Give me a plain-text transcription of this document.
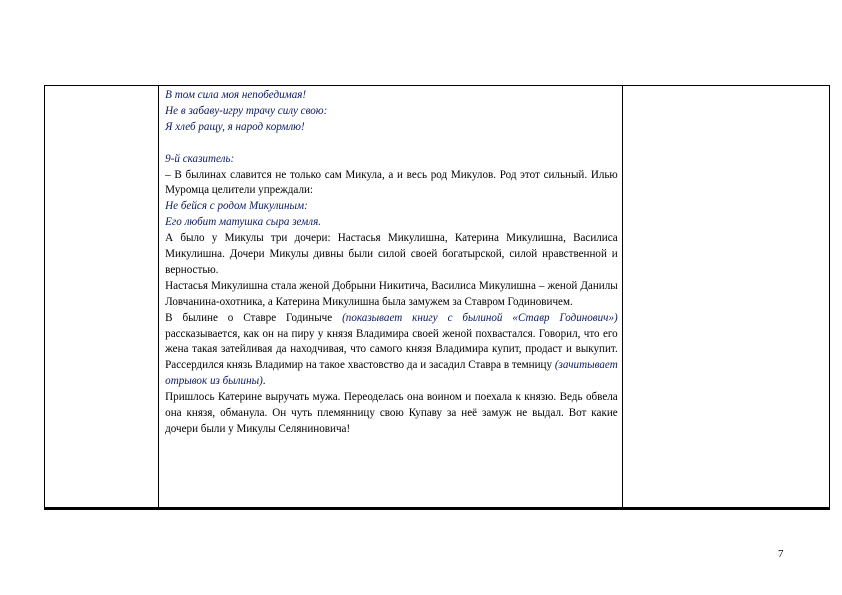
В том сила моя непобедимая!

Не в забаву-игру трачу силу свою:

Я хлеб ращу, я народ кормлю!

9-й сказитель:

– В былинах славится не только сам Микула, а и весь род Микулов. Род этот сильный. Илью Муромца целители упреждали:

Не бейся с родом Микулиным:

Его любит матушка сыра земля.

А было у Микулы три дочери: Настасья Микулишна, Катерина Микулишна, Василиса Микулишна. Дочери Микулы дивны были силой своей богатырской, силой нравственной и верностью.

Настасья Микулишна стала женой Добрыни Никитича, Василиса Микулишна – женой Данилы Ловчанина-охотника, а Катерина Микулишна была замужем за Ставром Годиновичем.

В былине о Ставре Годиныче (показывает книгу с былиной «Ставр Годинович») рассказывается, как он на пиру у князя Владимира своей женой похвастался. Говорил, что его жена такая затейливая да находчивая, что самого князя Владимира купит, продаст и выкупит. Рассердился князь Владимир на такое хвастовство да и засадил Ставра в темницу (зачитывает отрывок из былины).

Пришлось Катерине выручать мужа. Переоделась она воином и поехала к князю. Ведь обвела она князя, обманула. Он чуть племянницу свою Купаву за неё замуж не выдал. Вот какие дочери были у Микулы Селяниновича!

7
